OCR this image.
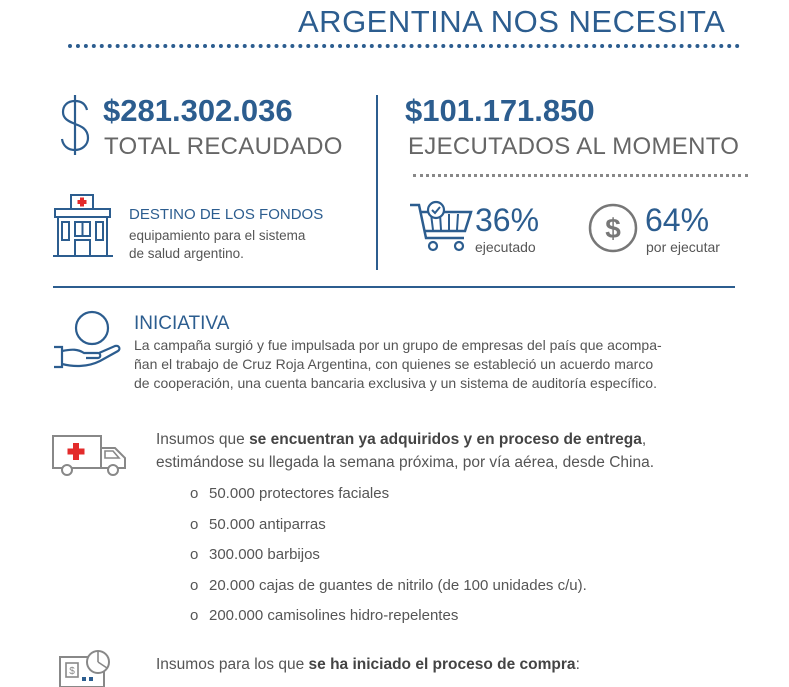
ARGENTINA NOS NECESITA
$281.302.036
TOTAL RECAUDADO
$101.171.850
EJECUTADOS AL MOMENTO
DESTINO DE LOS FONDOS
equipamiento para el sistema
de salud argentino.
36%
ejecutado
$ 64%
por ejecutar
INICIATIVA
La campaña surgió y fue impulsada por un grupo de empresas del país que acompa-
ñan el trabajo de Cruz Roja Argentina, con quienes se estableció un acuerdo marco
de cooperación, una cuenta bancaria exclusiva y un sistema de auditoría específico.
Insumos que se encuentran ya adquiridos y en proceso de entrega,
estimándose su llegada la semana próxima, por vía aérea, desde China.
o 50.000 protectores faciales
o 50.000 antiparras
o 300.000 barbijos
o 20.000 cajas de guantes de nitrilo (de 100 unidades c/u).
o 200.000 camisolines hidro-repelentes
$	Insumos para los que se ha iniciado el proceso de compra:
